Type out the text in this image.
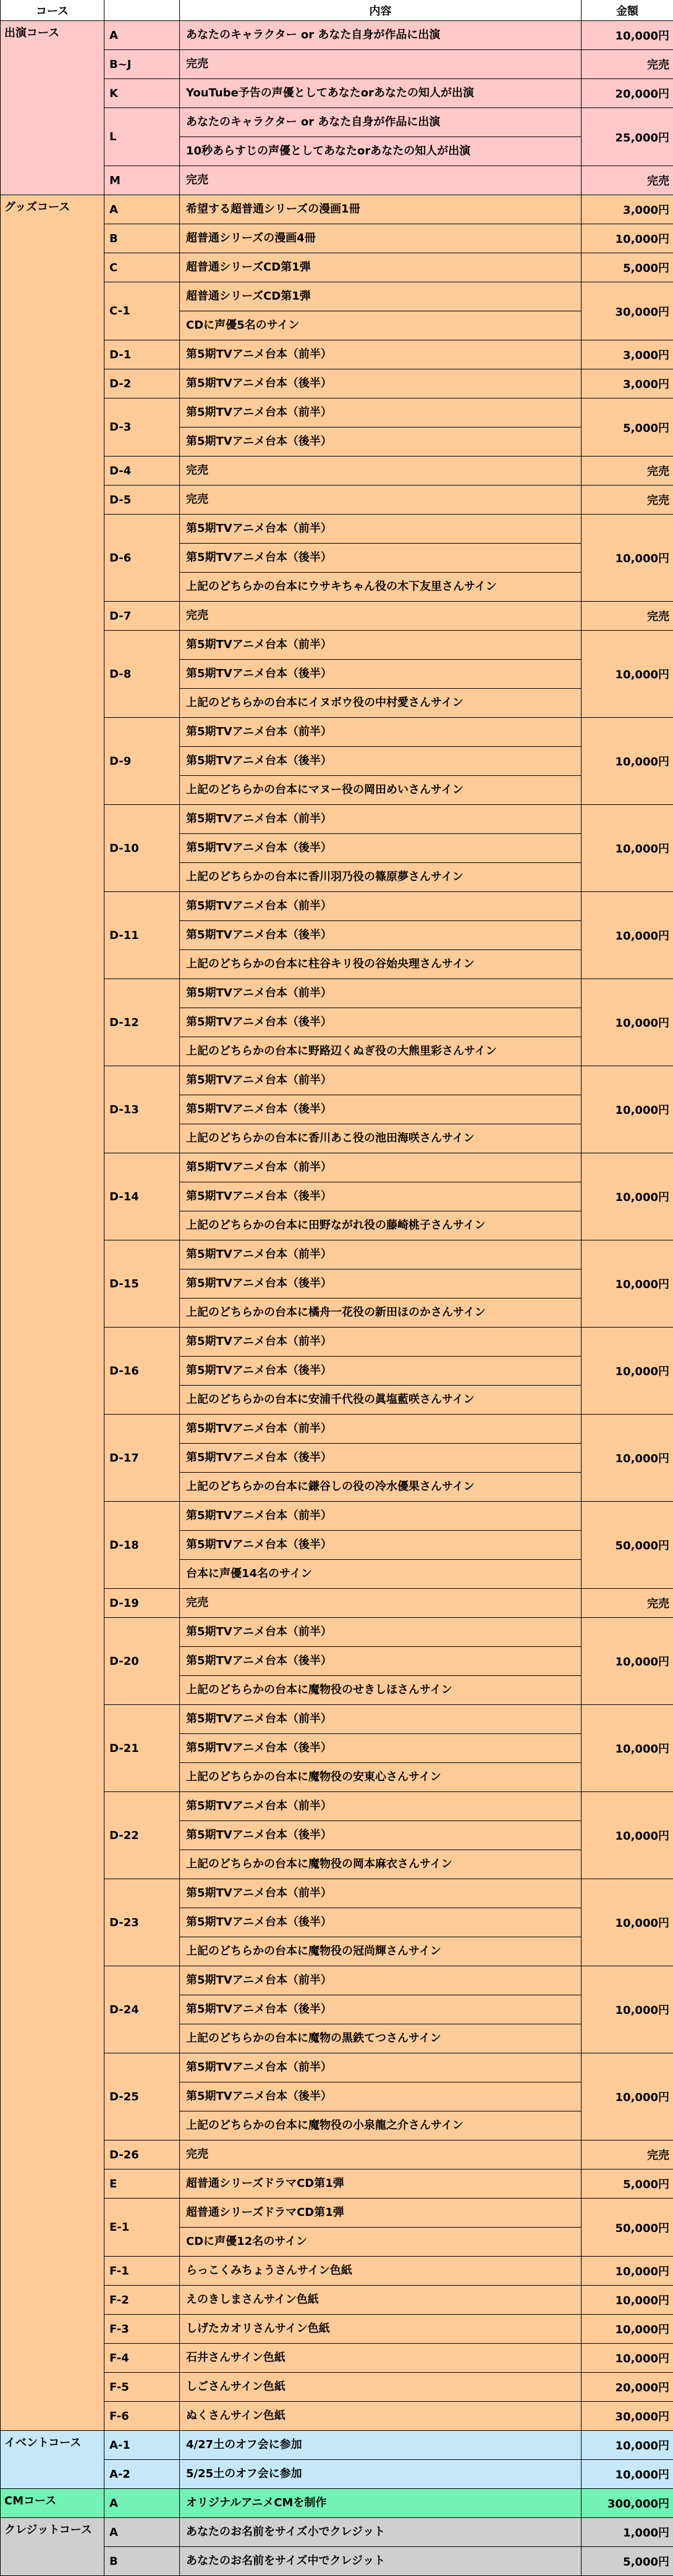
コース		内容	金額
出演コース	A	あなたのキャラクター or あなた自身が作品に出演	10,000円
	B~J	完売	完売
	K	YouTube予告の声優としてあなたorあなたの知人が出演	20,000円
	L	あなたのキャラクター or あなた自身が作品に出演
10秒あらすじの声優としてあなたorあなたの知人が出演	25,000円
	M	完売	完売
グッズコース	A	希望する超普通シリーズの漫画1冊	3,000円
	B	超普通シリーズの漫画4冊	10,000円
	C	超普通シリーズCD第1弾	5,000円
	C-1	超普通シリーズCD第1弾
CDに声優5名のサイン	30,000円
	D-1	第5期TVアニメ台本（前半）	3,000円
	D-2	第5期TVアニメ台本（後半）	3,000円
	D-3	第5期TVアニメ台本（前半）
第5期TVアニメ台本（後半）	5,000円
	D-4	完売	完売
	D-5	完売	完売
	D-6	第5期TVアニメ台本（前半）
第5期TVアニメ台本（後半）
上記のどちらかの台本にウサキちゃん役の木下友里さんサイン	10,000円
	D-7	完売	完売
	D-8	第5期TVアニメ台本（前半）
第5期TVアニメ台本（後半）
上記のどちらかの台本にイヌボウ役の中村愛さんサイン	10,000円
	D-9	第5期TVアニメ台本（前半）
第5期TVアニメ台本（後半）
上記のどちらかの台本にマヌー役の岡田めいさんサイン	10,000円
	D-10	第5期TVアニメ台本（前半）
第5期TVアニメ台本（後半）
上記のどちらかの台本に香川羽乃役の篠原夢さんサイン	10,000円
	D-11	第5期TVアニメ台本（前半）
第5期TVアニメ台本（後半）
上記のどちらかの台本に柱谷キリ役の谷始央理さんサイン	10,000円
	D-12	第5期TVアニメ台本（前半）
第5期TVアニメ台本（後半）
上記のどちらかの台本に野路辺くぬぎ役の大熊里彩さんサイン	10,000円
	D-13	第5期TVアニメ台本（前半）
第5期TVアニメ台本（後半）
上記のどちらかの台本に香川あこ役の池田海咲さんサイン	10,000円
	D-14	第5期TVアニメ台本（前半）
第5期TVアニメ台本（後半）
上記のどちらかの台本に田野ながれ役の藤崎桃子さんサイン	10,000円
	D-15	第5期TVアニメ台本（前半）
第5期TVアニメ台本（後半）
上記のどちらかの台本に橘舟一花役の新田ほのかさんサイン	10,000円
	D-16	第5期TVアニメ台本（前半）
第5期TVアニメ台本（後半）
上記のどちらかの台本に安浦千代役の眞塩藍咲さんサイン	10,000円
	D-17	第5期TVアニメ台本（前半）
第5期TVアニメ台本（後半）
上記のどちらかの台本に鎌谷しの役の冷水優果さんサイン	10,000円
	D-18	第5期TVアニメ台本（前半）
第5期TVアニメ台本（後半）
台本に声優14名のサイン	50,000円
	D-19	完売	完売
	D-20	第5期TVアニメ台本（前半）
第5期TVアニメ台本（後半）
上記のどちらかの台本に魔物役のせきしほさんサイン	10,000円
	D-21	第5期TVアニメ台本（前半）
第5期TVアニメ台本（後半）
上記のどちらかの台本に魔物役の安東心さんサイン	10,000円
	D-22	第5期TVアニメ台本（前半）
第5期TVアニメ台本（後半）
上記のどちらかの台本に魔物役の岡本麻衣さんサイン	10,000円
	D-23	第5期TVアニメ台本（前半）
第5期TVアニメ台本（後半）
上記のどちらかの台本に魔物役の冠尚輝さんサイン	10,000円
	D-24	第5期TVアニメ台本（前半）
第5期TVアニメ台本（後半）
上記のどちらかの台本に魔物の黒鉄てつさんサイン	10,000円
	D-25	第5期TVアニメ台本（前半）
第5期TVアニメ台本（後半）
上記のどちらかの台本に魔物役の小泉龍之介さんサイン	10,000円
	D-26	完売	完売
	E	超普通シリーズドラマCD第1弾	5,000円
	E-1	超普通シリーズドラマCD第1弾
CDに声優12名のサイン	50,000円
	F-1	らっこくみちょうさんサイン色紙	10,000円
	F-2	えのきしまさんサイン色紙	10,000円
	F-3	しげたカオリさんサイン色紙	10,000円
	F-4	石井さんサイン色紙	10,000円
	F-5	しごさんサイン色紙	20,000円
	F-6	ぬくさんサイン色紙	30,000円
イベントコース	A-1	4/27土のオフ会に参加	10,000円
	A-2	5/25土のオフ会に参加	10,000円
CMコース	A	オリジナルアニメCMを制作	300,000円
クレジットコース	A	あなたのお名前をサイズ小でクレジット	1,000円
	B	あなたのお名前をサイズ中でクレジット	5,000円
